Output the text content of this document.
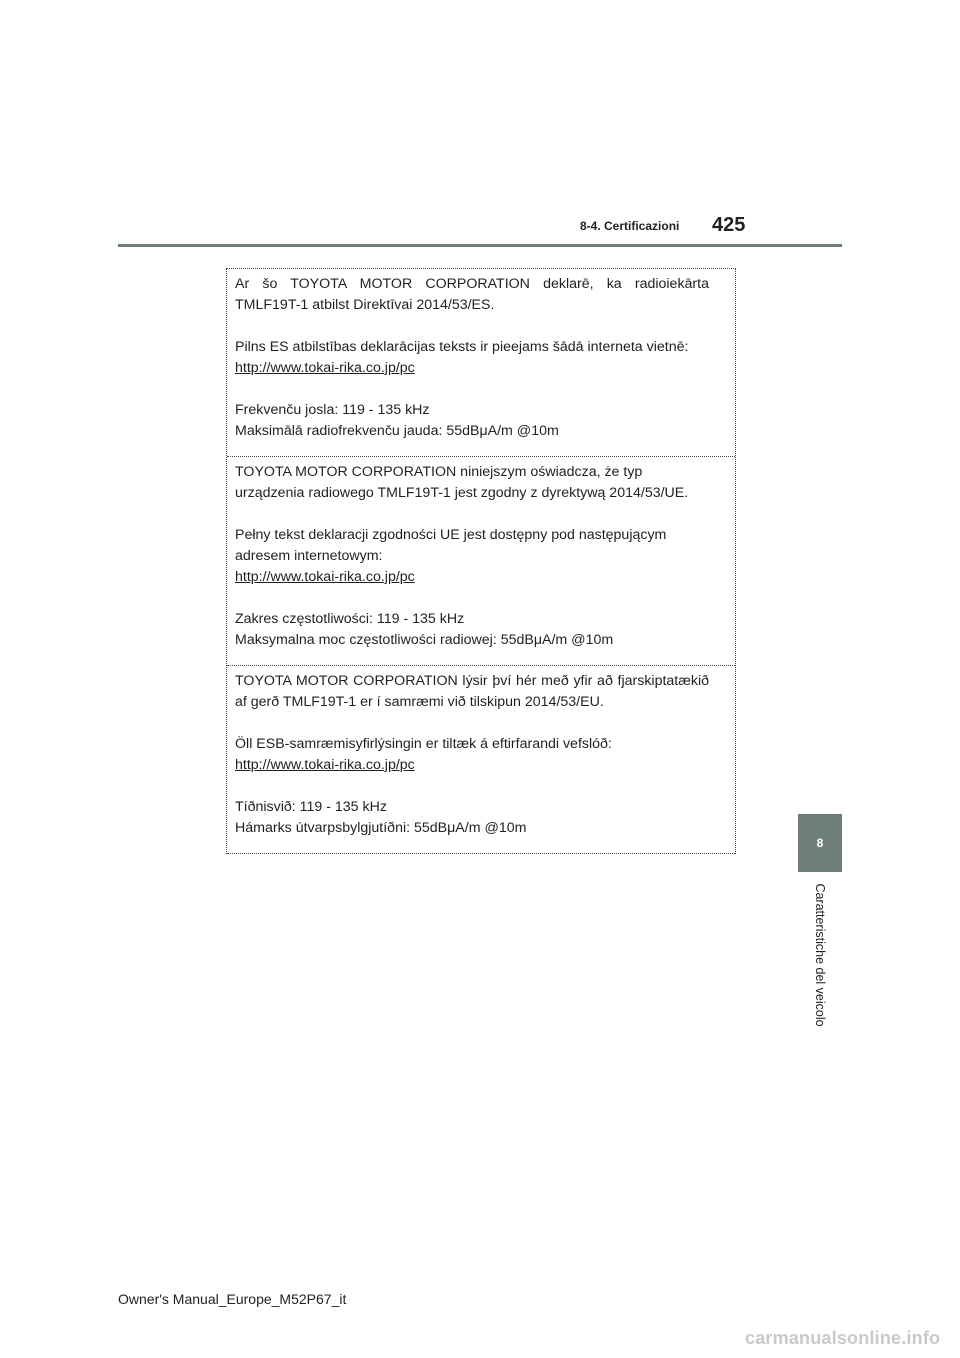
8-4. Certificazioni 425
8
Caratteristiche del veicolo

Ar šo TOYOTA MOTOR CORPORATION deklarē, ka radioiekārta TMLF19T-1 atbilst Direktīvai 2014/53/ES.

Pilns ES atbilstības deklarācijas teksts ir pieejams šādā interneta vietnē:
http://www.tokai-rika.co.jp/pc

Frekvenču josla: 119 - 135 kHz
Maksimālā radiofrekvenču jauda: 55dBμA/m @10m

TOYOTA MOTOR CORPORATION niniejszym oświadcza, że typ urządzenia radiowego TMLF19T-1 jest zgodny z dyrektywą 2014/53/UE.

Pełny tekst deklaracji zgodności UE jest dostępny pod następującym adresem internetowym:
http://www.tokai-rika.co.jp/pc

Zakres częstotliwości: 119 - 135 kHz
Maksymalna moc częstotliwości radiowej: 55dBμA/m @10m

TOYOTA MOTOR CORPORATION lýsir því hér með yfir að fjarskiptatækið af gerð TMLF19T-1 er í samræmi við tilskipun 2014/53/EU.

Öll ESB-samræmisyfirlýsingin er tiltæk á eftirfarandi vefslóð:
http://www.tokai-rika.co.jp/pc

Tíðnisvið: 119 - 135 kHz
Hámarks útvarpsbylgjutíðni: 55dBμA/m @10m

Owner's Manual_Europe_M52P67_it
carmanualsonline.info
